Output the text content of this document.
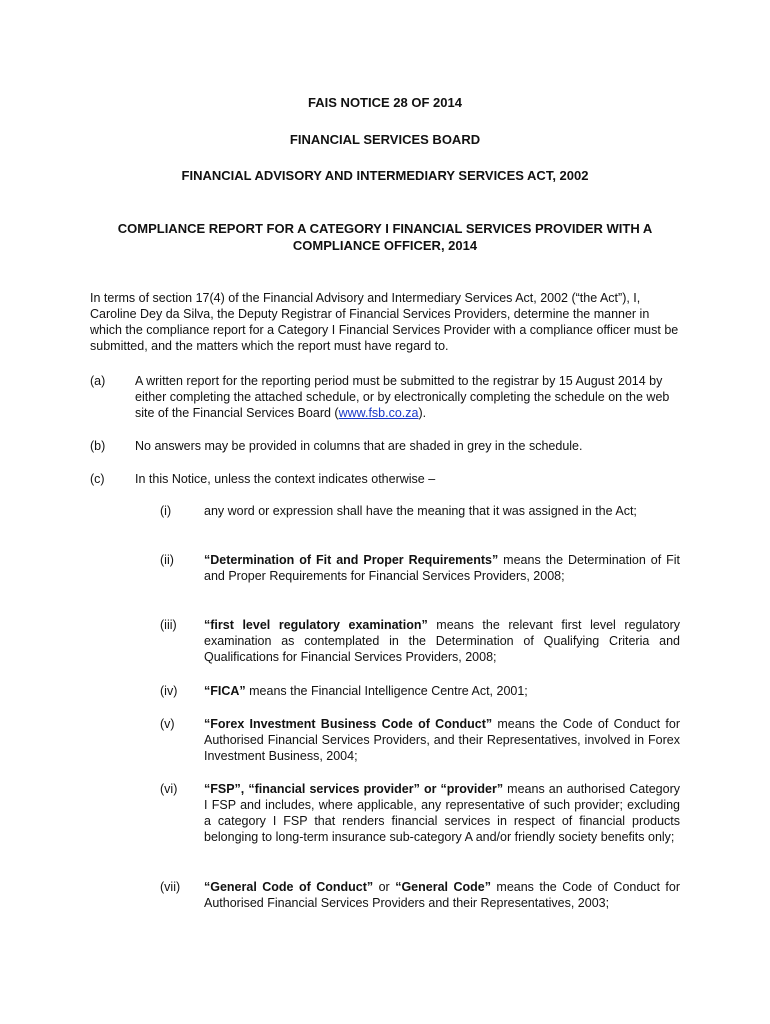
FAIS NOTICE 28 OF 2014
FINANCIAL SERVICES BOARD
FINANCIAL ADVISORY AND INTERMEDIARY SERVICES ACT, 2002
COMPLIANCE REPORT FOR A CATEGORY I FINANCIAL SERVICES PROVIDER WITH A COMPLIANCE OFFICER, 2014

In terms of section 17(4) of the Financial Advisory and Intermediary Services Act, 2002 (“the Act”), I, Caroline Dey da Silva, the Deputy Registrar of Financial Services Providers, determine the manner in which the compliance report for a Category I Financial Services Provider with a compliance officer must be submitted, and the matters which the report must have regard to.

(a) A written report for the reporting period must be submitted to the registrar by 15 August 2014 by either completing the attached schedule, or by electronically completing the schedule on the web site of the Financial Services Board (www.fsb.co.za).

(b) No answers may be provided in columns that are shaded in grey in the schedule.

(c) In this Notice, unless the context indicates otherwise –

(i)	any word or expression shall have the meaning that it was assigned in the Act;

(ii) “Determination of Fit and Proper Requirements” means the Determination of Fit and Proper Requirements for Financial Services Providers, 2008;

(iii) “first level regulatory examination” means the relevant first level regulatory examination as contemplated in the Determination of Qualifying Criteria and Qualifications for Financial Services Providers, 2008;

(iv) “FICA” means the Financial Intelligence Centre Act, 2001;

(v) “Forex Investment Business Code of Conduct” means the Code of Conduct for Authorised Financial Services Providers, and their Representatives, involved in Forex Investment Business, 2004;

(vi) “FSP”, “financial services provider” or “provider” means an authorised Category I FSP and includes, where applicable, any representative of such provider; excluding a category I FSP that renders financial services in respect of financial products belonging to long-term insurance sub-category A and/or friendly society benefits only;

(vii) “General Code of Conduct” or “General Code” means the Code of Conduct for Authorised Financial Services Providers and their Representatives, 2003;
